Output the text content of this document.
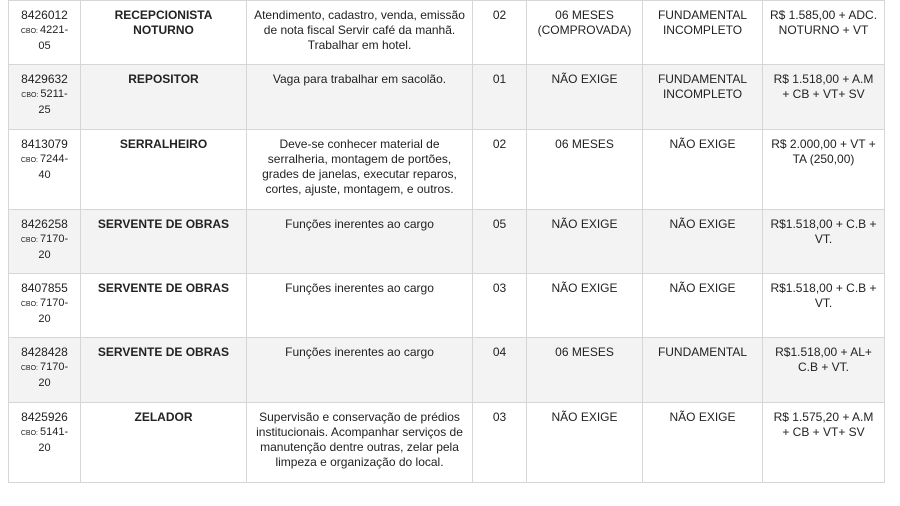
8426012
CBO: 4221-
05	RECEPCIONISTA NOTURNO	Atendimento, cadastro, venda, emissão de nota fiscal Servir café da manhã. Trabalhar em hotel.	02	06 MESES (COMPROVADA)	FUNDAMENTAL INCOMPLETO	R$ 1.585,00 + ADC. NOTURNO + VT

8429632
CBO: 5211-
25	REPOSITOR	Vaga para trabalhar em sacolão.	01	NÃO EXIGE	FUNDAMENTAL INCOMPLETO	R$ 1.518,00 + A.M + CB + VT+ SV

8413079
CBO: 7244-
40	SERRALHEIRO	Deve-se conhecer material de serralheria, montagem de portões, grades de janelas, executar reparos, cortes, ajuste, montagem, e outros.	02	06 MESES	NÃO EXIGE	R$ 2.000,00 + VT + TA (250,00)

8426258
CBO: 7170-
20	SERVENTE DE OBRAS	Funções inerentes ao cargo	05	NÃO EXIGE	NÃO EXIGE	R$1.518,00 + C.B + VT.

8407855
CBO: 7170-
20	SERVENTE DE OBRAS	Funções inerentes ao cargo	03	NÃO EXIGE	NÃO EXIGE	R$1.518,00 + C.B + VT.

8428428
CBO: 7170-
20	SERVENTE DE OBRAS	Funções inerentes ao cargo	04	06 MESES	FUNDAMENTAL	R$1.518,00 + AL+ C.B + VT.

8425926
CBO: 5141-
20	ZELADOR	Supervisão e conservação de prédios institucionais. Acompanhar serviços de manutenção dentre outras, zelar pela limpeza e organização do local.	03	NÃO EXIGE	NÃO EXIGE	R$ 1.575,20 + A.M + CB + VT+ SV
